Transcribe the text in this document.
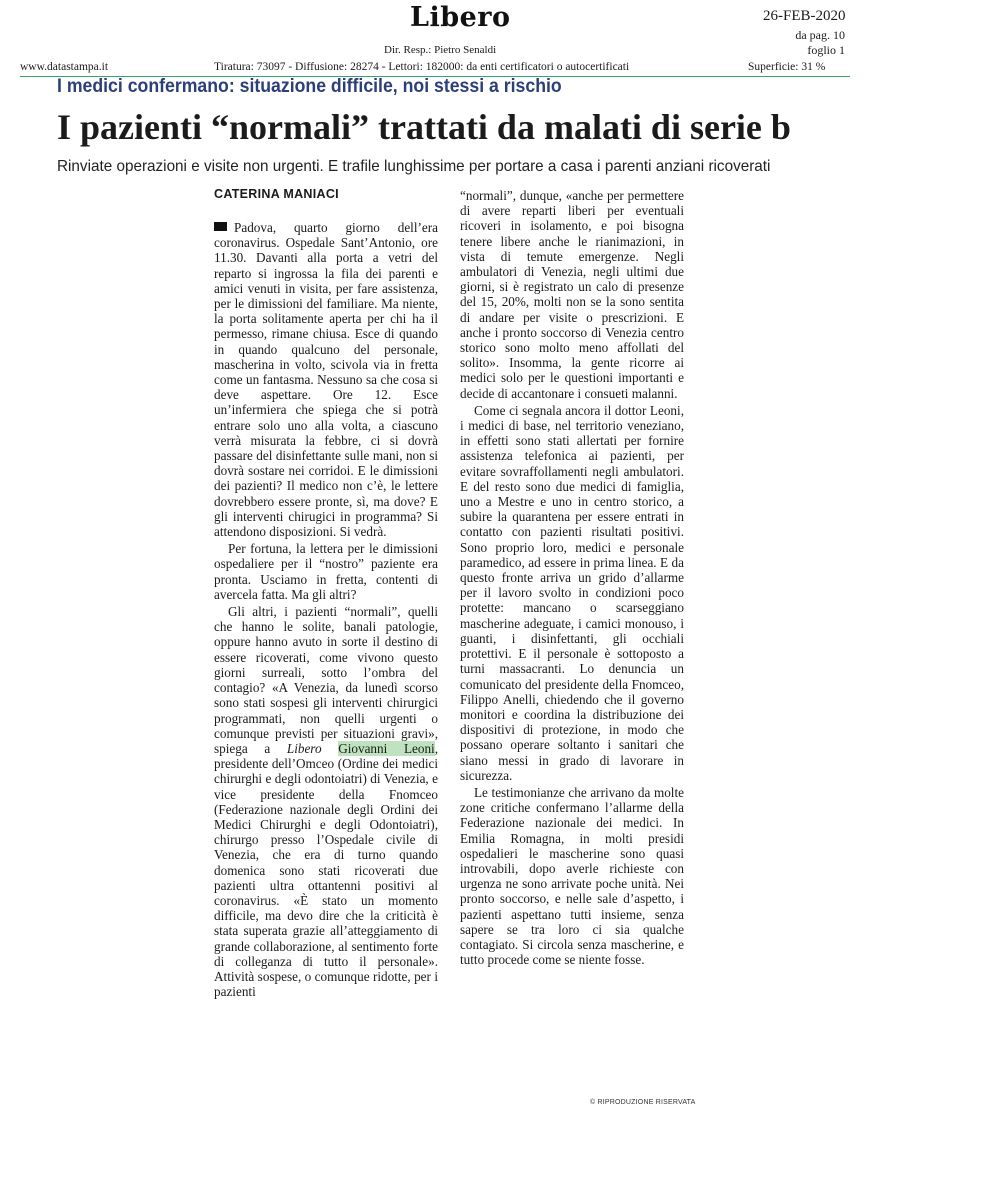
Libero
Dir. Resp.: Pietro Senaldi
26-FEB-2020
da pag. 10
foglio 1
www.datastampa.it	Tiratura: 73097 - Diffusione: 28274 - Lettori: 182000: da enti certificatori o autocertificati	Superficie: 31 %
I medici confermano: situazione difficile, noi stessi a rischio
I pazienti “normali” trattati da malati di serie b
Rinviate operazioni e visite non urgenti. E trafile lunghissime per portare a casa i parenti anziani ricoverati
CATERINA MANIACI

Padova, quarto giorno dell’era coronavirus. Ospedale Sant’Antonio, ore 11.30. Davanti alla porta a vetri del reparto si ingrossa la fila dei parenti e amici venuti in visita, per fare assistenza, per le dimissioni del familiare. Ma niente, la porta solitamente aperta per chi ha il permesso, rimane chiusa. Esce di quando in quando qualcuno del personale, mascherina in volto, scivola via in fretta come un fantasma. Nessuno sa che cosa si deve aspettare. Ore 12. Esce un’infermiera che spiega che si potrà entrare solo uno alla volta, a ciascuno verrà misurata la febbre, ci si dovrà passare del disinfettante sulle mani, non si dovrà sostare nei corridoi. E le dimissioni dei pazienti? Il medico non c’è, le lettere dovrebbero essere pronte, sì, ma dove? E gli interventi chirugici in programma? Si attendono disposizioni. Si vedrà.

Per fortuna, la lettera per le dimissioni ospedaliere per il “nostro” paziente era pronta. Usciamo in fretta, contenti di avercela fatta. Ma gli altri?

Gli altri, i pazienti “normali”, quelli che hanno le solite, banali patologie, oppure hanno avuto in sorte il destino di essere ricoverati, come vivono questo giorni surreali, sotto l’ombra del contagio? «A Venezia, da lunedì scorso sono stati sospesi gli interventi chirurgici programmati, non quelli urgenti o comunque previsti per situazioni gravi», spiega a Libero Giovanni Leoni, presidente dell’Omceo (Ordine dei medici chirurghi e degli odontoiatri) di Venezia, e vice presidente della Fnomceo (Federazione nazionale degli Ordini dei Medici Chirurghi e degli Odontoiatri), chirurgo presso l’Ospedale civile di Venezia, che era di turno quando domenica sono stati ricoverati due pazienti ultra ottantenni positivi al coronavirus. «È stato un momento difficile, ma devo dire che la criticità è stata superata grazie all’atteggiamento di grande collaborazione, al sentimento forte di colleganza di tutto il personale». Attività sospese, o comunque ridotte, per i pazienti

“normali”, dunque, «anche per permettere di avere reparti liberi per eventuali ricoveri in isolamento, e poi bisogna tenere libere anche le rianimazioni, in vista di temute emergenze. Negli ambulatori di Venezia, negli ultimi due giorni, si è registrato un calo di presenze del 15, 20%, molti non se la sono sentita di andare per visite o prescrizioni. E anche i pronto soccorso di Venezia centro storico sono molto meno affollati del solito». Insomma, la gente ricorre ai medici solo per le questioni importanti e decide di accantonare i consueti malanni.

Come ci segnala ancora il dottor Leoni, i medici di base, nel territorio veneziano, in effetti sono stati allertati per fornire assistenza telefonica ai pazienti, per evitare sovraffollamenti negli ambulatori. E del resto sono due medici di famiglia, uno a Mestre e uno in centro storico, a subire la quarantena per essere entrati in contatto con pazienti risultati positivi. Sono proprio loro, medici e personale paramedico, ad essere in prima linea. E da questo fronte arriva un grido d’allarme per il lavoro svolto in condizioni poco protette: mancano o scarseggiano mascherine adeguate, i camici monouso, i guanti, i disinfettanti, gli occhiali protettivi. E il personale è sottoposto a turni massacranti. Lo denuncia un comunicato del presidente della Fnomceo, Filippo Anelli, chiedendo che il governo monitori e coordina la distribuzione dei dispositivi di protezione, in modo che possano operare soltanto i sanitari che siano messi in grado di lavorare in sicurezza.

Le testimonianze che arrivano da molte zone critiche confermano l’allarme della Federazione nazionale dei medici. In Emilia Romagna, in molti presidi ospedalieri le mascherine sono quasi introvabili, dopo averle richieste con urgenza ne sono arrivate poche unità. Nei pronto soccorso, e nelle sale d’aspetto, i pazienti aspettano tutti insieme, senza sapere se tra loro ci sia qualche contagiato. Si circola senza mascherine, e tutto procede come se niente fosse.

© RIPRODUZIONE RISERVATA
